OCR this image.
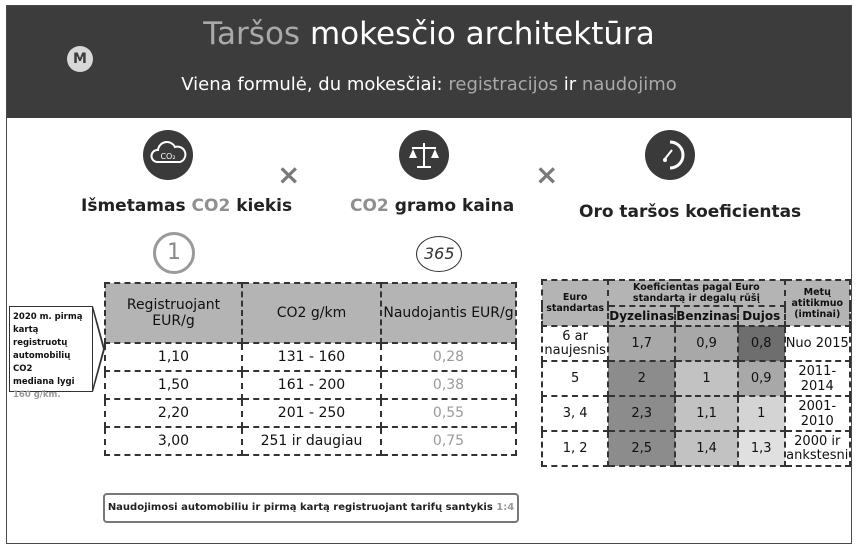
M
Taršos mokesčio architektūra
Viena formulė, du mokesčiai: registracijos ir naudojimo
CO₂
Išmetamas CO2 kiekis
1
×
CO2 gramo kaina
365
×
Oro taršos koeficientas
2020 m. pirmą
kartą registruotų
automobilių CO2
mediana lygi
160 g/km.
Registruojant EUR/g	CO2 g/km	Naudojantis EUR/g
1,10	131 - 160	0,28
1,50	161 - 200	0,38
2,20	201 - 250	0,55
3,00	251 ir daugiau	0,75
Euro standartas	Koeficientas pagal Euro standartą ir degalų rūšį			Metų atitikmuo (imtinai)
	Dyzelinas	Benzinas	Dujos	
6 ar naujesnis	1,7	0,9	0,8	Nuo 2015
5	2	1	0,9	2011-2014
3, 4	2,3	1,1	1	2001-2010
1, 2	2,5	1,4	1,3	2000 ir ankstesni
Naudojimosi automobiliu ir pirmą kartą registruojant tarifų santykis 1:4
